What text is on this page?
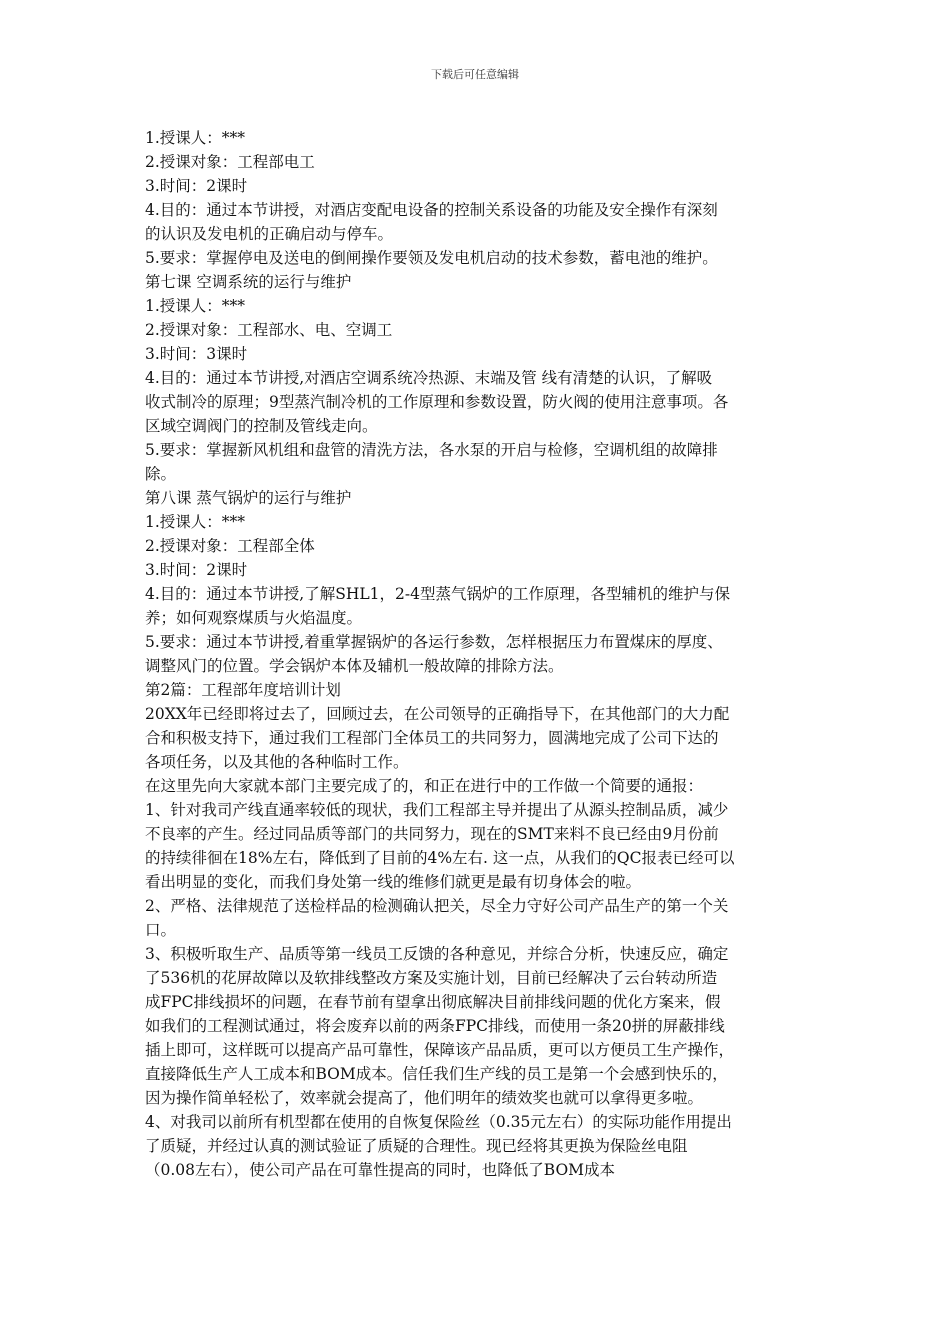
下载后可任意编辑
1.授课人：***
2.授课对象：工程部电工
3.时间：2课时
4.目的：通过本节讲授，对酒店变配电设备的控制关系设备的功能及安全操作有深刻
的认识及发电机的正确启动与停车。
5.要求：掌握停电及送电的倒闸操作要领及发电机启动的技术参数，蓄电池的维护。
第七课 空调系统的运行与维护
1.授课人：***
2.授课对象：工程部水、电、空调工
3.时间：3课时
4.目的：通过本节讲授,对酒店空调系统冷热源、末端及管 线有清楚的认识，了解吸
收式制冷的原理；9型蒸汽制冷机的工作原理和参数设置，防火阀的使用注意事项。各
区域空调阀门的控制及管线走向。
5.要求：掌握新风机组和盘管的清洗方法，各水泵的开启与检修，空调机组的故障排
除。
第八课 蒸气锅炉的运行与维护
1.授课人：***
2.授课对象：工程部全体
3.时间：2课时
4.目的：通过本节讲授,了解SHL1，2-4型蒸气锅炉的工作原理，各型辅机的维护与保
养；如何观察煤质与火焰温度。
5.要求：通过本节讲授,着重掌握锅炉的各运行参数，怎样根据压力布置煤床的厚度、
调整风门的位置。学会锅炉本体及辅机一般故障的排除方法。
第2篇：工程部年度培训计划
20XX年已经即将过去了，回顾过去，在公司领导的正确指导下，在其他部门的大力配
合和积极支持下，通过我们工程部门全体员工的共同努力，圆满地完成了公司下达的
各项任务，以及其他的各种临时工作。
在这里先向大家就本部门主要完成了的，和正在进行中的工作做一个简要的通报：
1、针对我司产线直通率较低的现状，我们工程部主导并提出了从源头控制品质，减少
不良率的产生。经过同品质等部门的共同努力，现在的SMT来料不良已经由9月份前
的持续徘徊在18%左右，降低到了目前的4%左右. 这一点，从我们的QC报表已经可以
看出明显的变化，而我们身处第一线的维修们就更是最有切身体会的啦。
2、严格、法律规范了送检样品的检测确认把关，尽全力守好公司产品生产的第一个关
口。
3、积极听取生产、品质等第一线员工反馈的各种意见，并综合分析，快速反应，确定
了536机的花屏故障以及软排线整改方案及实施计划，目前已经解决了云台转动所造
成FPC排线损坏的问题，在春节前有望拿出彻底解决目前排线问题的优化方案来，假
如我们的工程测试通过，将会废弃以前的两条FPC排线，而使用一条20拼的屏蔽排线
插上即可，这样既可以提高产品可靠性，保障该产品品质，更可以方便员工生产操作，
直接降低生产人工成本和BOM成本。信任我们生产线的员工是第一个会感到快乐的，
因为操作简单轻松了，效率就会提高了，他们明年的绩效奖也就可以拿得更多啦。
4、对我司以前所有机型都在使用的自恢复保险丝（0.35元左右）的实际功能作用提出
了质疑，并经过认真的测试验证了质疑的合理性。现已经将其更换为保险丝电阻
（0.08左右），使公司产品在可靠性提高的同时，也降低了BOM成本
